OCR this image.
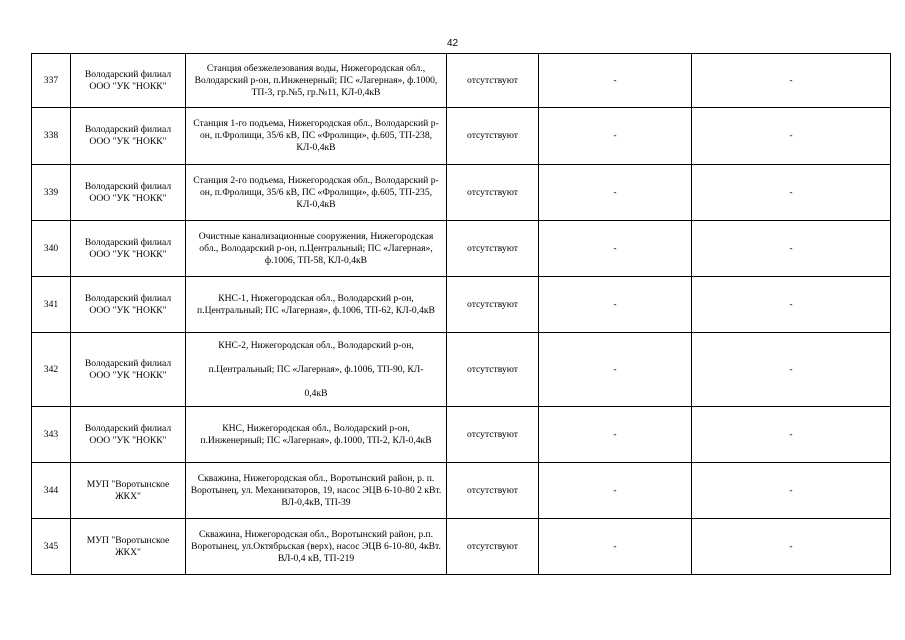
42
337	Володарский филиал ООО "УК "НОКК"	Станция обезжелезования воды, Нижегородская обл., Володарский р-он, п.Инженерный; ПС «Лагерная», ф.1000, ТП-3, гр.№5, гр.№11, КЛ-0,4кВ	отсутствуют	-	-
338	Володарский филиал ООО "УК "НОКК"	Станция 1-го подъема, Нижегородская обл., Володарский р-он, п.Фролищи, 35/6 кВ, ПС «Фролищи», ф.605, ТП-238, КЛ-0,4кВ	отсутствуют	-	-
339	Володарский филиал ООО "УК "НОКК"	Станция 2-го подъема, Нижегородская обл., Володарский р-он, п.Фролищи, 35/6 кВ, ПС «Фролищи», ф.605, ТП-235, КЛ-0,4кВ	отсутствуют	-	-
340	Володарский филиал ООО "УК "НОКК"	Очистные канализационные сооружения, Нижегородская обл., Володарский р-он, п.Центральный; ПС «Лагерная», ф.1006, ТП-58, КЛ-0,4кВ	отсутствуют	-	-
341	Володарский филиал ООО "УК "НОКК"	КНС-1, Нижегородская обл., Володарский р-он, п.Центральный; ПС «Лагерная», ф.1006, ТП-62, КЛ-0,4кВ	отсутствуют	-	-
342	Володарский филиал ООО "УК "НОКК"	КНС-2, Нижегородская обл., Володарский р-он,
п.Центральный; ПС «Лагерная», ф.1006, ТП-90, КЛ-
0,4кВ	отсутствуют	-	-
343	Володарский филиал ООО "УК "НОКК"	КНС, Нижегородская обл., Володарский р-он, п.Инженерный; ПС «Лагерная», ф.1000, ТП-2, КЛ-0,4кВ	отсутствуют	-	-
344	МУП "Воротынское ЖКХ"	Скважина, Нижегородская обл., Воротынский район, р. п. Воротынец, ул. Механизаторов, 19, насос ЭЦВ 6-10-80 2 кВт. ВЛ-0,4кВ, ТП-39	отсутствуют	-	-
345	МУП "Воротынское ЖКХ"	Скважина, Нижегородская обл., Воротынский район, р.п. Воротынец, ул.Октябрьская (верх), насос ЭЦВ 6-10-80, 4кВт. ВЛ-0,4 кВ, ТП-219	отсутствуют	-	-
